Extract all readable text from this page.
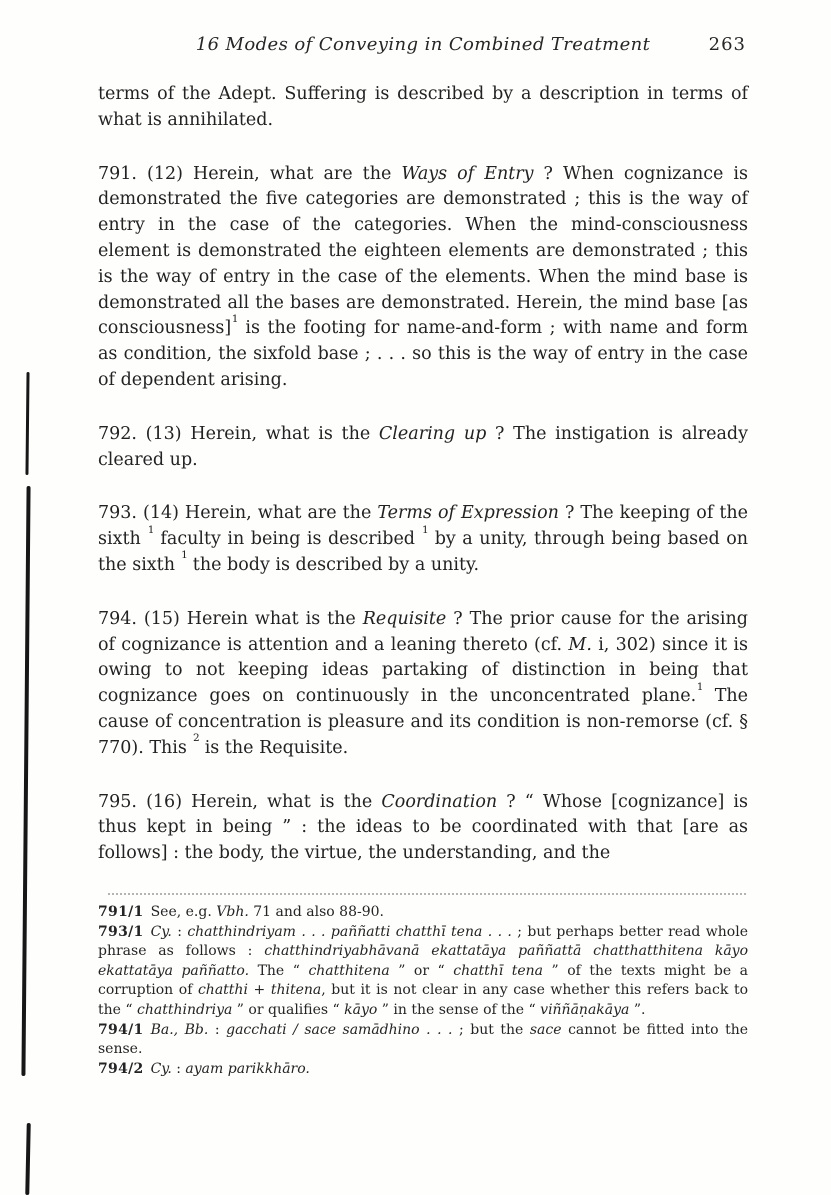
16 Modes of Conveying in Combined Treatment	263

terms of the Adept. Suffering is described by a description in terms of what is annihilated.

791. (12) Herein, what are the Ways of Entry ? When cognizance is demonstrated the five categories are demonstrated ; this is the way of entry in the case of the categories. When the mind-consciousness element is demonstrated the eighteen elements are demonstrated ; this is the way of entry in the case of the elements. When the mind base is demonstrated all the bases are demonstrated. Herein, the mind base [as consciousness]$^1$ is the footing for name-and-form ; with name and form as condition, the sixfold base ; . . . so this is the way of entry in the case of dependent arising.

792. (13) Herein, what is the Clearing up ? The instigation is already cleared up.

793. (14) Herein, what are the Terms of Expression ? The keeping of the sixth $^1$ faculty in being is described $^1$ by a unity, through being based on the sixth $^1$ the body is described by a unity.

794. (15) Herein what is the Requisite ? The prior cause for the arising of cognizance is attention and a leaning thereto (cf. M. i, 302) since it is owing to not keeping ideas partaking of distinction in being that cognizance goes on continuously in the unconcentrated plane.$^1$ The cause of concentration is pleasure and its condition is non-remorse (cf. § 770). This $^2$ is the Requisite.

795. (16) Herein, what is the Coordination ? “ Whose [cognizance] is thus kept in being ” : the ideas to be coordinated with that [are as follows] : the body, the virtue, the understanding, and the

791/1 See, e.g. Vbh. 71 and also 88-90.

793/1 Cy. : chatthindriyam . . . paññatti chatthī tena . . . ; but perhaps better read whole phrase as follows : chatthindriyabhāvanā ekattatāya paññattā chatthatthitena kāyo ekattatāya paññatto. The “ chatthitena ” or “ chatthī tena ” of the texts might be a corruption of chatthi + thitena, but it is not clear in any case whether this refers back to the “ chatthindriya ” or qualifies “ kāyo ” in the sense of the “ viññāṇakāya ”.

794/1 Ba., Bb. : gacchati / sace samādhino . . . ; but the sace cannot be fitted into the sense.

794/2 Cy. : ayam parikkhāro.
